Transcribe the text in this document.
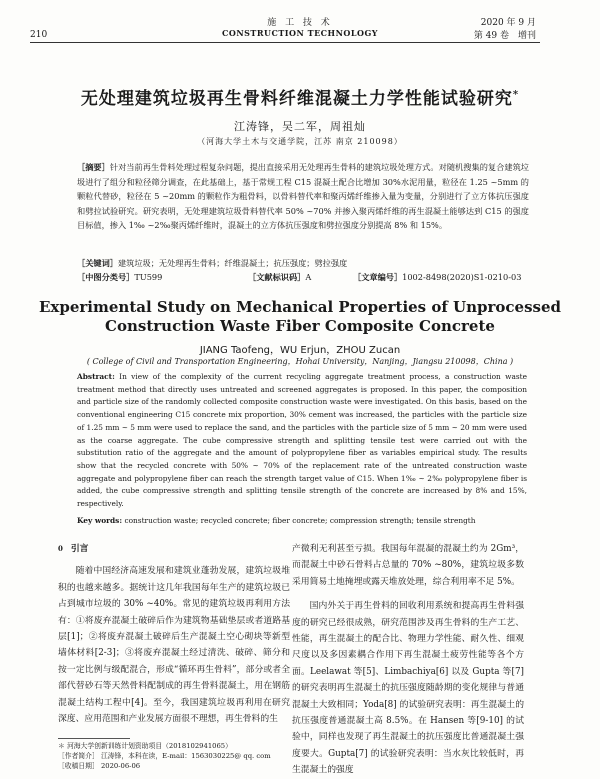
210
施 工 技 术
CONSTRUCTION TECHNOLOGY
2020 年 9 月
第 49 卷　增刊
无处理建筑垃圾再生骨料纤维混凝土力学性能试验研究*
江涛锋，吴二军，周祖灿
（河海大学土木与交通学院，江苏 南京 210098）
［摘要］针对当前再生骨料处理过程复杂问题，提出直接采用无处理再生骨料的建筑垃圾处理方式。对随机搜集的复合建筑垃圾进行了组分和粒径筛分调查，在此基础上，基于常规工程 C15 混凝土配合比增加 30%水泥用量，粒径在 1.25 ~5mm 的颗粒代替砂，粒径在 5 ~20mm 的颗粒作为粗骨料，以骨料替代率和聚丙烯纤维掺入量为变量，分别进行了立方体抗压强度和劈拉试验研究。研究表明，无处理建筑垃圾骨料替代率 50% ~70% 并掺入聚丙烯纤维的再生混凝土能够达到 C15 的强度目标值，掺入 1‰ ~2‰聚丙烯纤维时，混凝土的立方体抗压强度和劈拉强度分别提高 8% 和 15%。
［关键词］建筑垃圾；无处理再生骨料；纤维混凝土；抗压强度；劈拉强度
［中图分类号］TU599	［文献标识码］A	［文章编号］1002-8498(2020)S1-0210-03
Experimental Study on Mechanical Properties of Unprocessed Construction Waste Fiber Composite Concrete
JIANG Taofeng，WU Erjun，ZHOU Zucan
( College of Civil and Transportation Engineering，Hohai University，Nanjing，Jiangsu 210098，China )
Abstract: In view of the complexity of the current recycling aggregate treatment process, a construction waste treatment method that directly uses untreated and screened aggregates is proposed. In this paper, the composition and particle size of the randomly collected composite construction waste were investigated. On this basis, based on the conventional engineering C15 concrete mix proportion, 30% cement was increased, the particles with the particle size of 1.25 mm ~ 5 mm were used to replace the sand, and the particles with the particle size of 5 mm ~ 20 mm were used as the coarse aggregate. The cube compressive strength and splitting tensile test were carried out with the substitution ratio of the aggregate and the amount of polypropylene fiber as variables empirical study. The results show that the recycled concrete with 50% ~ 70% of the replacement rate of the untreated construction waste aggregate and polypropylene fiber can reach the strength target value of C15. When 1‰ ~ 2‰ polypropylene fiber is added, the cube compressive strength and splitting tensile strength of the concrete are increased by 8% and 15%, respectively.
Key words: construction waste; recycled concrete; fiber concrete; compression strength; tensile strength
0 引言

随着中国经济高速发展和建筑业蓬勃发展，建筑垃圾堆积的也越来越多。据统计这几年我国每年生产的建筑垃圾已占到城市垃圾的 30% ~40%。常见的建筑垃圾再利用方法有：①将废弃混凝土破碎后作为建筑物基础垫层或者道路基层[1]；②将废弃混凝土破碎后生产混凝土空心砌块等新型墙体材料[2-3]；③将废弃混凝土经过清洗、破碎、筛分和按一定比例与级配混合，形成“循环再生骨料”，部分或者全部代替砂石等天然骨料配制成的再生骨料混凝土，用在钢筋混凝土结构工程中[4]。至今，我国建筑垃圾再利用在研究深度、应用范围和产业发展方面很不理想，再生骨料的生

产微利无利甚至亏损。我国每年混凝的混凝土约为 2Gm³，而混凝土中砂石骨料占总量的 70% ~80%，建筑垃圾多数采用简易土地掩埋或露天堆放处理，综合利用率不足 5%。

国内外关于再生骨料的回收利用系统和提高再生骨料强度的研究已经很成熟，研究范围涉及再生骨料的生产工艺、性能，再生混凝土的配合比、物理力学性能、耐久性、细观尺度以及多因素耦合作用下再生混凝土疲劳性能等各个方面。Leelawat 等[5]、Limbachiya[6] 以及 Gupta 等[7] 的研究表明再生混凝土的抗压强度随龄期的变化规律与普通混凝土大致相同；Yoda[8] 的试验研究表明：再生混凝土的抗压强度普通混凝土高 8.5%。在 Hansen 等[9-10] 的试验中，同样也发现了再生混凝土的抗压强度比普通混凝土强度要大。Gupta[7] 的试验研究表明：当水灰比较低时，再生混凝土的强度

＊ 河海大学创新训练计划资助项目（2018102941065）
［作者简介］ 江涛锋，本科在读，E-mail：1563030225@ qq. com
［收稿日期］ 2020-06-06
